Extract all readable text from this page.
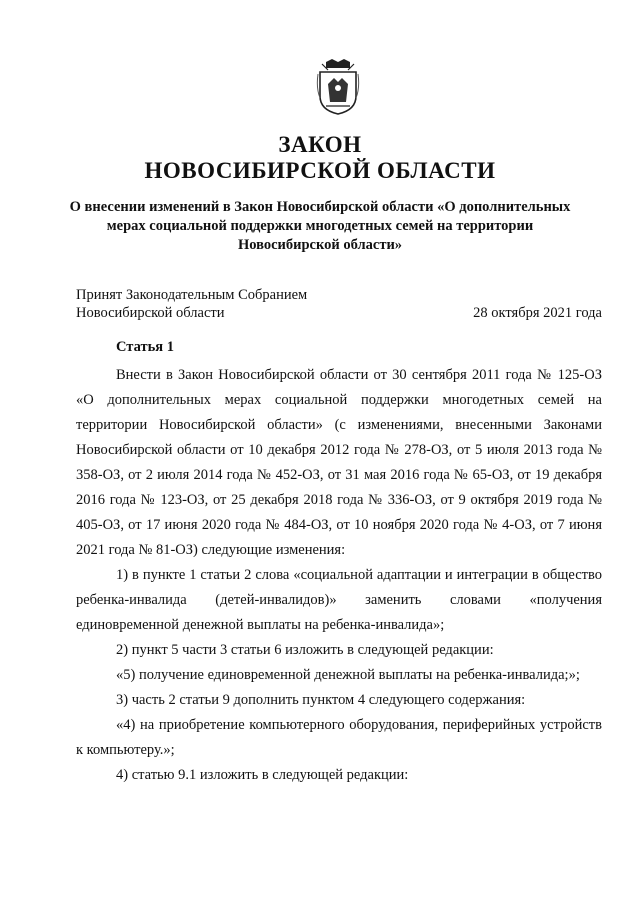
ЗАКОН
НОВОСИБИРСКОЙ ОБЛАСТИ
О внесении изменений в Закон Новосибирской области «О дополнительных мерах социальной поддержки многодетных семей на территории Новосибирской области»
Принят Законодательным Собранием
Новосибирской области	28 октября 2021 года
Статья 1

Внести в Закон Новосибирской области от 30 сентября 2011 года № 125-ОЗ «О дополнительных мерах социальной поддержки многодетных семей на территории Новосибирской области» (с изменениями, внесенными Законами Новосибирской области от 10 декабря 2012 года № 278-ОЗ, от 5 июля 2013 года № 358-ОЗ, от 2 июля 2014 года № 452-ОЗ, от 31 мая 2016 года № 65-ОЗ, от 19 декабря 2016 года № 123-ОЗ, от 25 декабря 2018 года № 336-ОЗ, от 9 октября 2019 года № 405-ОЗ, от 17 июня 2020 года № 484-ОЗ, от 10 ноября 2020 года № 4-ОЗ, от 7 июня 2021 года № 81-ОЗ) следующие изменения:

1) в пункте 1 статьи 2 слова «социальной адаптации и интеграции в общество ребенка-инвалида (детей-инвалидов)» заменить словами «получения единовременной денежной выплаты на ребенка-инвалида»;

2) пункт 5 части 3 статьи 6 изложить в следующей редакции:

«5) получение единовременной денежной выплаты на ребенка-инвалида;»;

3) часть 2 статьи 9 дополнить пунктом 4 следующего содержания:

«4) на приобретение компьютерного оборудования, периферийных устройств к компьютеру.»;

4) статью 9.1 изложить в следующей редакции:
